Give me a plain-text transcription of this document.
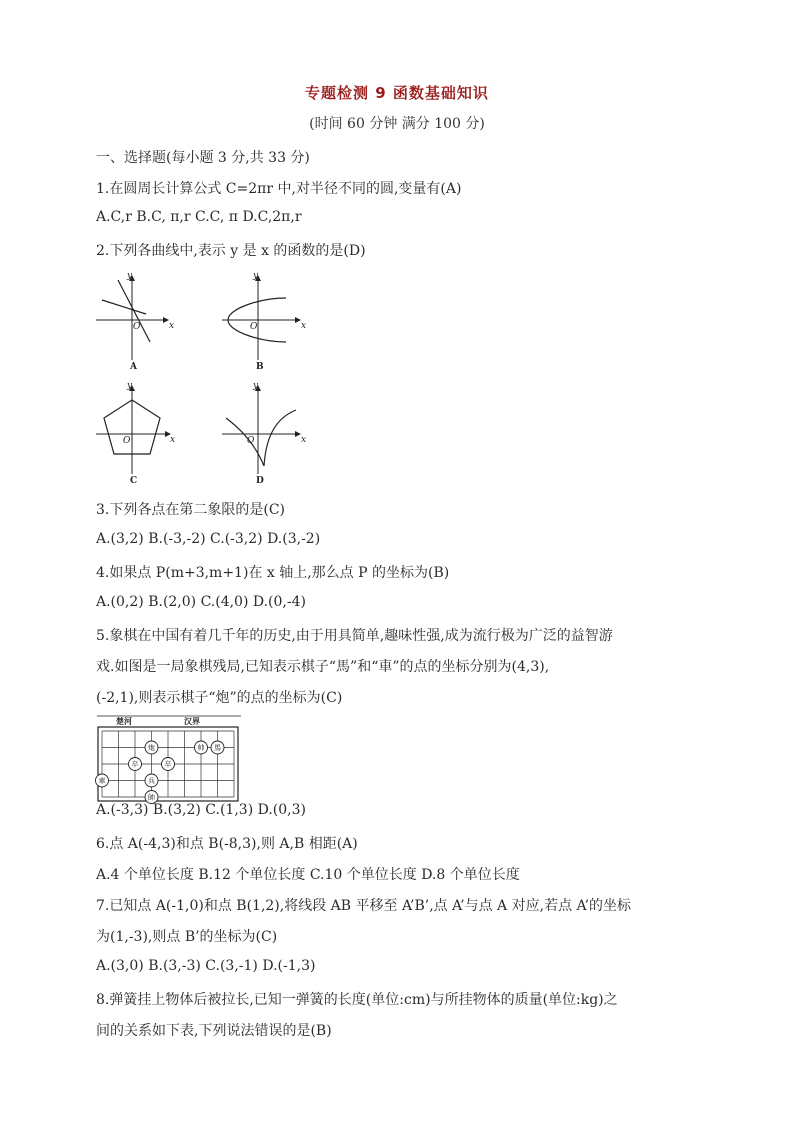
专题检测 9 函数基础知识
(时间 60 分钟 满分 100 分)
一、选择题(每小题 3 分,共 33 分)
1.在圆周长计算公式 C=2πr 中,对半径不同的圆,变量有(A)
A.C,r B.C, π,r C.C, π D.C,2π,r
2.下列各曲线中,表示 y 是 x 的函数的是(D)
y
x
O
A
y
x
O
B
y
x
O
C
y
x
O
D
3.下列各点在第二象限的是(C)
A.(3,2) B.(-3,-2) C.(-3,2) D.(3,-2)
4.如果点 P(m+3,m+1)在 x 轴上,那么点 P 的坐标为(B)
A.(0,2) B.(2,0) C.(4,0) D.(0,-4)
5.象棋在中国有着几千年的历史,由于用具简单,趣味性强,成为流行极为广泛的益智游
戏.如图是一局象棋残局,已知表示棋子“馬”和“車”的点的坐标分别为(4,3),
(-2,1),则表示棋子“炮”的点的坐标为(C)
楚河	汉界
炮	帅 馬
卒	卒
車	兵
帥
A.(-3,3) B.(3,2) C.(1,3) D.(0,3)
6.点 A(-4,3)和点 B(-8,3),则 A,B 相距(A)
A.4 个单位长度 B.12 个单位长度 C.10 个单位长度 D.8 个单位长度
7.已知点 A(-1,0)和点 B(1,2),将线段 AB 平移至 A’B’,点 A’与点 A 对应,若点 A’的坐标
为(1,-3),则点 B’的坐标为(C)
A.(3,0) B.(3,-3) C.(3,-1) D.(-1,3)
8.弹簧挂上物体后被拉长,已知一弹簧的长度(单位:cm)与所挂物体的质量(单位:kg)之
间的关系如下表,下列说法错误的是(B)
